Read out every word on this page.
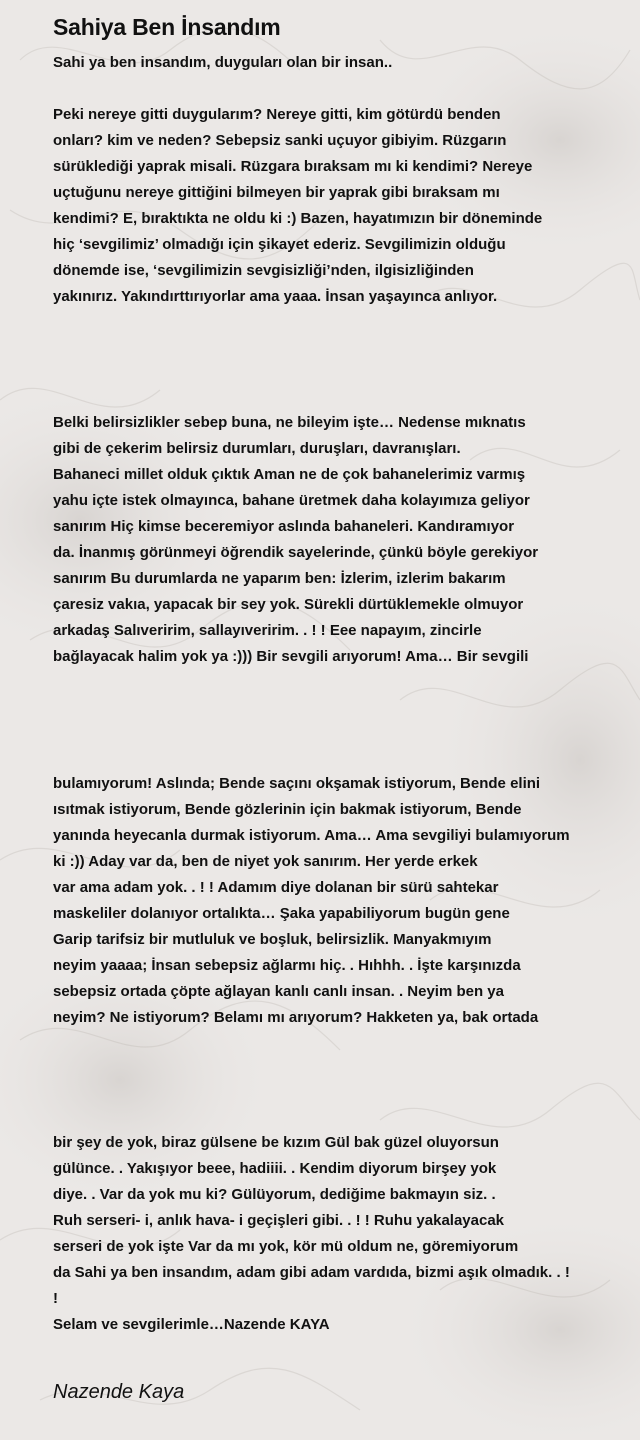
Sahiya Ben İnsandım
Sahi ya ben insandım, duyguları olan bir insan..
Peki nereye gitti duygularım? Nereye gitti, kim götürdü benden
onları? kim ve neden? Sebepsiz sanki uçuyor gibiyim. Rüzgarın
sürüklediği yaprak misali. Rüzgara bıraksam mı ki kendimi? Nereye
uçtuğunu nereye gittiğini bilmeyen bir yaprak gibi bıraksam mı
kendimi? E, bıraktıkta ne oldu ki :) Bazen, hayatımızın bir döneminde
hiç ‘sevgilimiz’ olmadığı için şikayet ederiz. Sevgilimizin olduğu
dönemde ise, ‘sevgilimizin sevgisizliği’nden, ilgisizliğinden
yakınırız. Yakındırttırıyorlar ama yaaa. İnsan yaşayınca anlıyor.
Belki belirsizlikler sebep buna, ne bileyim işte… Nedense mıknatıs
gibi de çekerim belirsiz durumları, duruşları, davranışları.
Bahaneci millet olduk çıktık Aman ne de çok bahanelerimiz varmış
yahu içte istek olmayınca, bahane üretmek daha kolayımıza geliyor
sanırım Hiç kimse beceremiyor aslında bahaneleri. Kandıramıyor
da. İnanmış görünmeyi öğrendik sayelerinde, çünkü böyle gerekiyor
sanırım Bu durumlarda ne yaparım ben: İzlerim, izlerim bakarım
çaresiz vakıa, yapacak bir sey yok. Sürekli dürtüklemekle olmuyor
arkadaş Salıveririm, sallayıveririm. . ! ! Eee napayım, zincirle
bağlayacak halim yok ya :))) Bir sevgili arıyorum! Ama… Bir sevgili
bulamıyorum! Aslında; Bende saçını okşamak istiyorum, Bende elini
ısıtmak istiyorum, Bende gözlerinin için bakmak istiyorum, Bende
yanında heyecanla durmak istiyorum. Ama… Ama sevgiliyi bulamıyorum
ki :)) Aday var da, ben de niyet yok sanırım. Her yerde erkek
var ama adam yok. . ! ! Adamım diye dolanan bir sürü sahtekar
maskeliler dolanıyor ortalıkta… Şaka yapabiliyorum bugün gene
Garip tarifsiz bir mutluluk ve boşluk, belirsizlik. Manyakmıyım
neyim yaaaa; İnsan sebepsiz ağlarmı hiç. . Hıhhh. . İşte karşınızda
sebepsiz ortada çöpte ağlayan kanlı canlı insan. . Neyim ben ya
neyim? Ne istiyorum? Belamı mı arıyorum? Hakketen ya, bak ortada
bir şey de yok, biraz gülsene be kızım Gül bak güzel oluyorsun
gülünce. . Yakışıyor beee, hadiiii. . Kendim diyorum birşey yok
diye. . Var da yok mu ki? Gülüyorum, dediğime bakmayın siz. .
Ruh serseri- i, anlık hava- i geçişleri gibi. . ! ! Ruhu yakalayacak
serseri de yok işte Var da mı yok, kör mü oldum ne, göremiyorum
da Sahi ya ben insandım, adam gibi adam vardıda, bizmi aşık olmadık. . !
!
Selam ve sevgilerimle…Nazende KAYA

Nazende Kaya
